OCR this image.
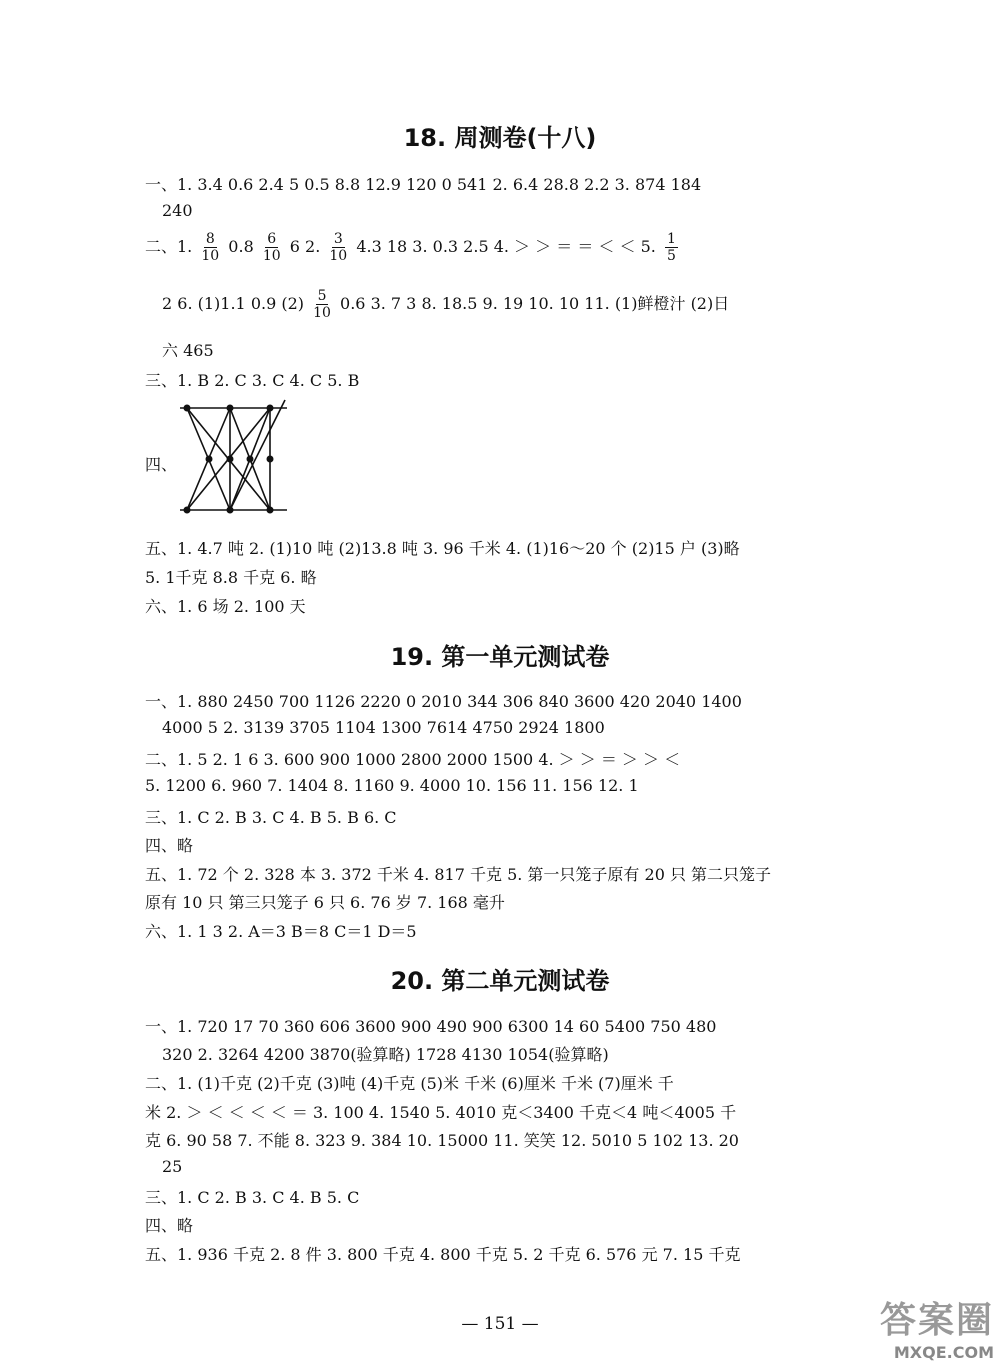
18. 周测卷(十八)
一、1. 3.4 0.6 2.4 5 0.5 8.8 12.9 120 0 541 2. 6.4 28.8 2.2 3. 874 184
240
二、1. $\frac{8}{10} 0.8 \frac{6}{10} 6$ 2. $\frac{3}{10} 4.3$ 18 3. 0.3 2.5 4. ＞ ＞ ＝ ＝ ＜ ＜ 5. $\frac{1}{5}$
2 6. (1)1.1 0.9 $(2) \frac{5}{10} 0.6$ 3. 7 3 8. 18.5 9. 19 10. 10 11. (1)鲜橙汁 (2)日
六 465
三、1. B 2. C 3. C 4. C 5. B
四、
五、1. 4.7 吨 2. (1)10 吨 (2)13.8 吨 3. 96 千米 4. (1)16～20 个 (2)15 户 (3)略
5. 1千克 8.8 千克 6. 略
六、1. 6 场 2. 100 天
19. 第一单元测试卷
一、1. 880 2450 700 1126 2220 0 2010 344 306 840 3600 420 2040 1400
4000 5 2. 3139 3705 1104 1300 7614 4750 2924 1800
二、1. 5 2. 1 6 3. 600 900 1000 2800 2000 1500 4. ＞ ＞ ＝ ＞ ＞ ＜
5. 1200 6. 960 7. 1404 8. 1160 9. 4000 10. 156 11. 156 12. 1
三、1. C 2. B 3. C 4. B 5. B 6. C
四、略
五、1. 72 个 2. 328 本 3. 372 千米 4. 817 千克 5. 第一只笼子原有 20 只 第二只笼子
原有 10 只 第三只笼子 6 只 6. 76 岁 7. 168 毫升
六、1. 1 3 2. A＝3 B＝8 C＝1 D＝5
20. 第二单元测试卷
一、1. 720 17 70 360 606 3600 900 490 900 6300 14 60 5400 750 480
320 2. 3264 4200 3870(验算略) 1728 4130 1054(验算略)
二、1. (1)千克 (2)千克 (3)吨 (4)千克 (5)米 千米 (6)厘米 千米 (7)厘米 千
米 2. ＞ ＜ ＜ ＜ ＜ ＝ 3. 100 4. 1540 5. 4010 克＜3400 千克＜4 吨＜4005 千
克 6. 90 58 7. 不能 8. 323 9. 384 10. 15000 11. 笑笑 12. 5010 5 102 13. 20
25
三、1. C 2. B 3. C 4. B 5. C
四、略
五、1. 936 千克 2. 8 件 3. 800 千克 4. 800 千克 5. 2 千克 6. 576 元 7. 15 千克
— 151 —	答案圈
MXQE.COM
